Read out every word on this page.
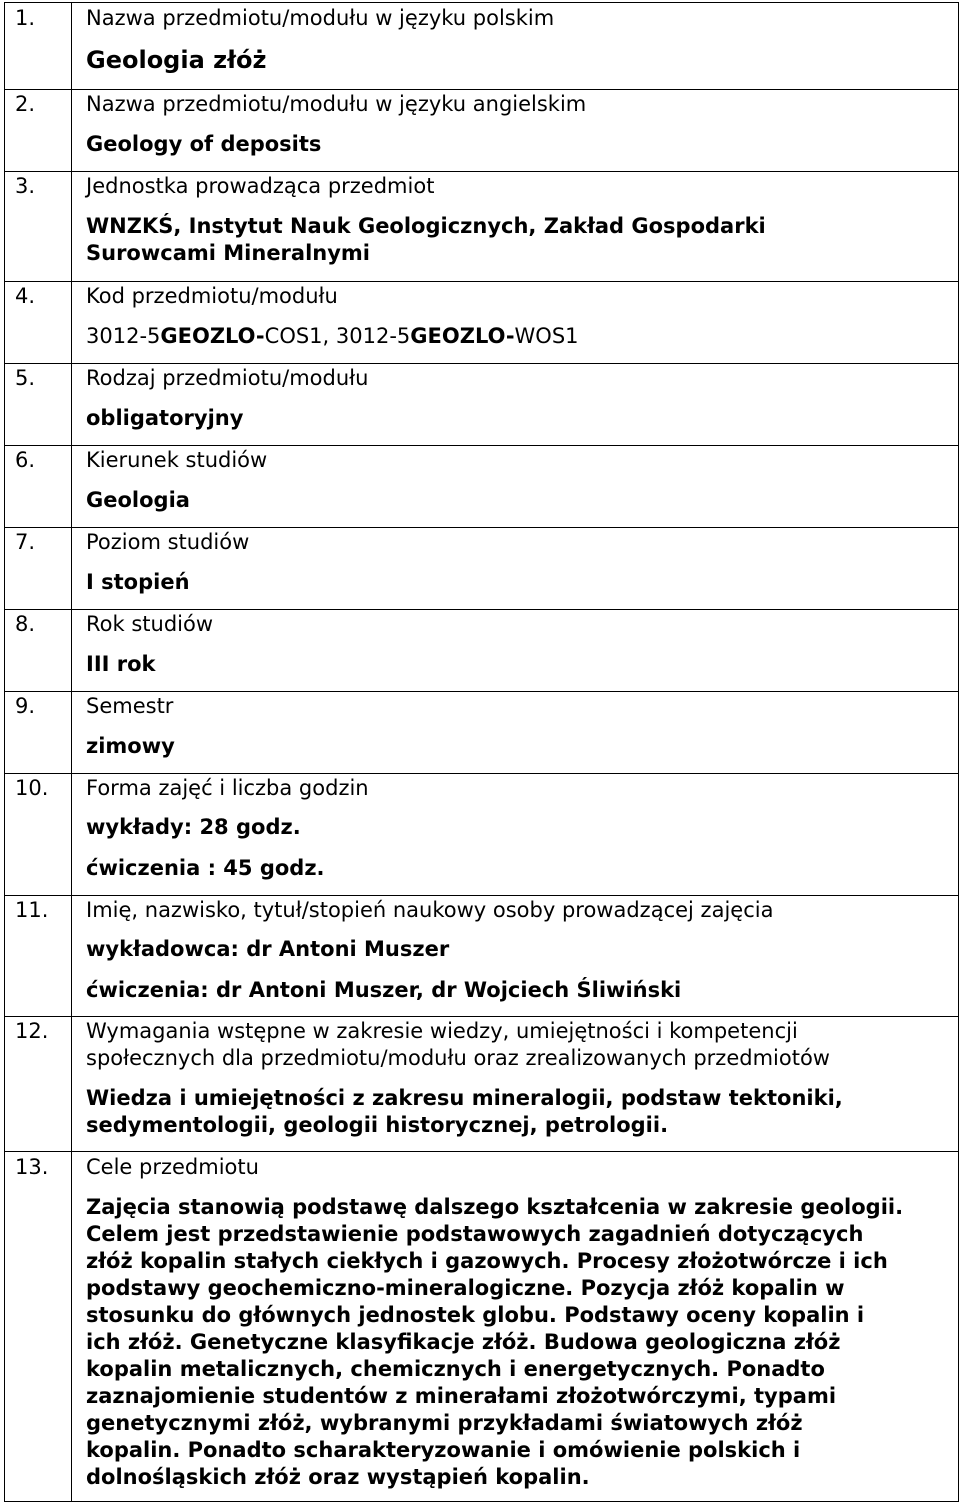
1. Nazwa przedmiotu/modułu w języku polskim
Geologia złóż
2. Nazwa przedmiotu/modułu w języku angielskim
Geology of deposits
3. Jednostka prowadząca przedmiot
WNZKŚ, Instytut Nauk Geologicznych, Zakład Gospodarki
Surowcami Mineralnymi
4. Kod przedmiotu/modułu
3012-5GEOZLO-COS1, 3012-5GEOZLO-WOS1
5. Rodzaj przedmiotu/modułu
obligatoryjny
6. Kierunek studiów
Geologia
7. Poziom studiów
I stopień
8. Rok studiów
III rok
9. Semestr
zimowy
10. Forma zajęć i liczba godzin
wykłady: 28 godz.
ćwiczenia : 45 godz.
11. Imię, nazwisko, tytuł/stopień naukowy osoby prowadzącej zajęcia
wykładowca: dr Antoni Muszer
ćwiczenia: dr Antoni Muszer, dr Wojciech Śliwiński
12. Wymagania wstępne w zakresie wiedzy, umiejętności i kompetencji
społecznych dla przedmiotu/modułu oraz zrealizowanych przedmiotów
Wiedza i umiejętności z zakresu mineralogii, podstaw tektoniki,
sedymentologii, geologii historycznej, petrologii.
13. Cele przedmiotu
Zajęcia stanowią podstawę dalszego kształcenia w zakresie geologii.
Celem jest przedstawienie podstawowych zagadnień dotyczących
złóż kopalin stałych ciekłych i gazowych. Procesy złożotwórcze i ich
podstawy geochemiczno-mineralogiczne. Pozycja złóż kopalin w
stosunku do głównych jednostek globu. Podstawy oceny kopalin i
ich złóż. Genetyczne klasyfikacje złóż. Budowa geologiczna złóż
kopalin metalicznych, chemicznych i energetycznych. Ponadto
zaznajomienie studentów z minerałami złożotwórczymi, typami
genetycznymi złóż, wybranymi przykładami światowych złóż
kopalin. Ponadto scharakteryzowanie i omówienie polskich i
dolnośląskich złóż oraz wystąpień kopalin.
